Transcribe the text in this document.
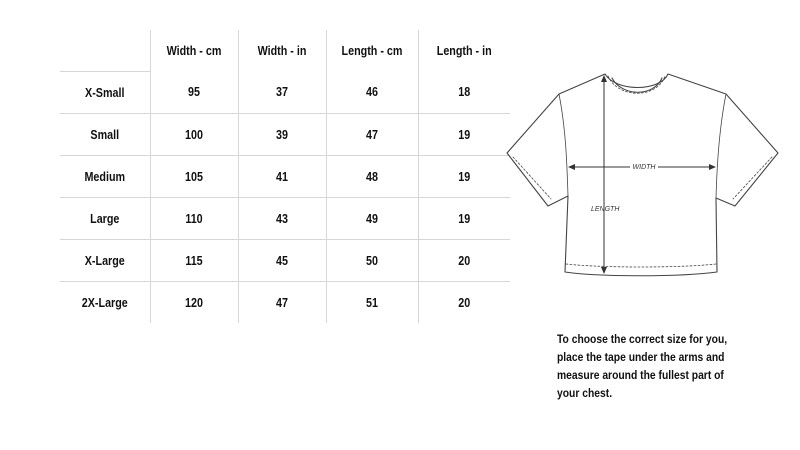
	Width - cm	Width - in	Length - cm	Length - in
X-Small	95	37	46	18
Small	100	39	47	19
Medium	105	41	48	19
Large	110	43	49	19
X-Large	115	45	50	20
2X-Large	120	47	51	20
WIDTH
LENGTH

To choose the correct size for you, place the tape under the arms and measure around the fullest part of your chest.
